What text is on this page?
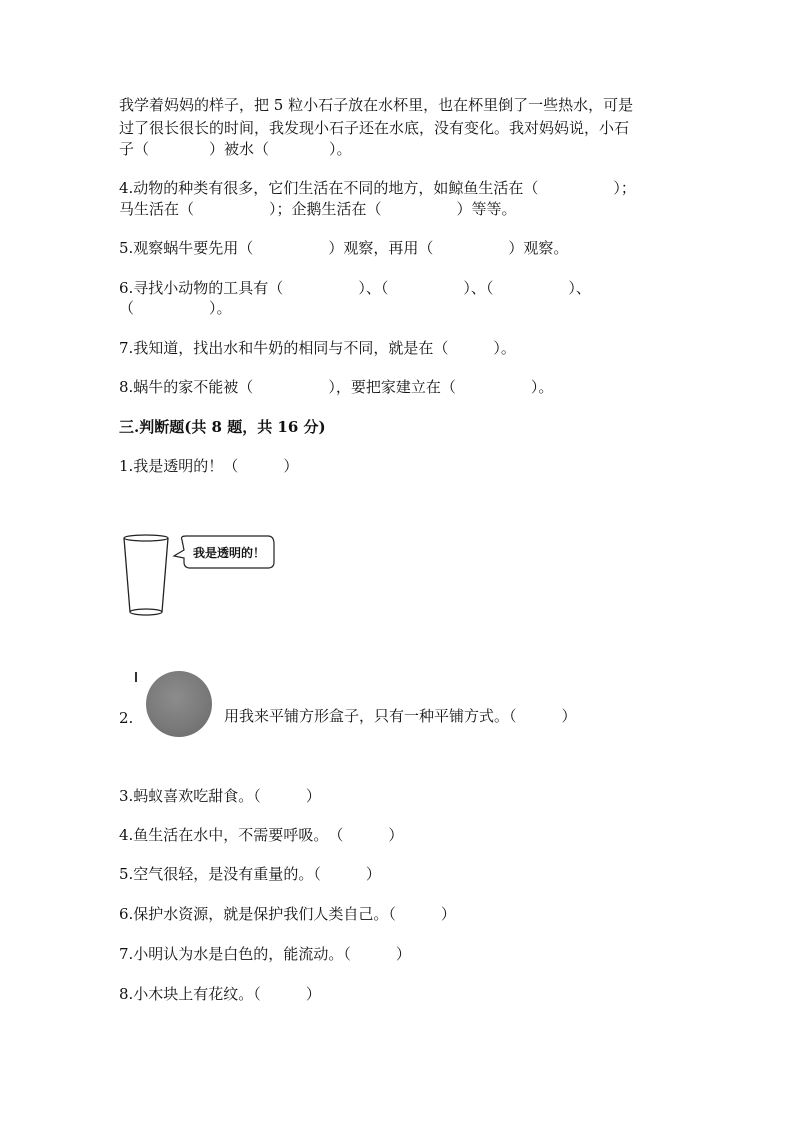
我学着妈妈的样子，把 5 粒小石子放在水杯里，也在杯里倒了一些热水，可是
过了很长很长的时间，我发现小石子还在水底，没有变化。我对妈妈说，小石
子（　　　　）被水（　　　　）。
4.动物的种类有很多，它们生活在不同的地方，如鲸鱼生活在（　　　　　）；
马生活在（　　　　　）；企鹅生活在（　　　　　）等等。
5.观察蜗牛要先用（　　　　　）观察，再用（　　　　　）观察。
6.寻找小动物的工具有（　　　　　）、（　　　　　）、（　　　　　）、
（　　　　　）。
7.我知道，找出水和牛奶的相同与不同，就是在（　　　）。
8.蜗牛的家不能被（　　　　　），要把家建立在（　　　　　）。
三.判断题(共 8 题，共 16 分)
1.我是透明的！（　　　）
我是透明的！
2.	用我来平铺方形盒子，只有一种平铺方式。（　　　）
3.蚂蚁喜欢吃甜食。（　　　）
4.鱼生活在水中，不需要呼吸。　（　　　）
5.空气很轻，是没有重量的。（　　　）
6.保护水资源，就是保护我们人类自己。（　　　）
7.小明认为水是白色的，能流动。（　　　）
8.小木块上有花纹。（　　　）
